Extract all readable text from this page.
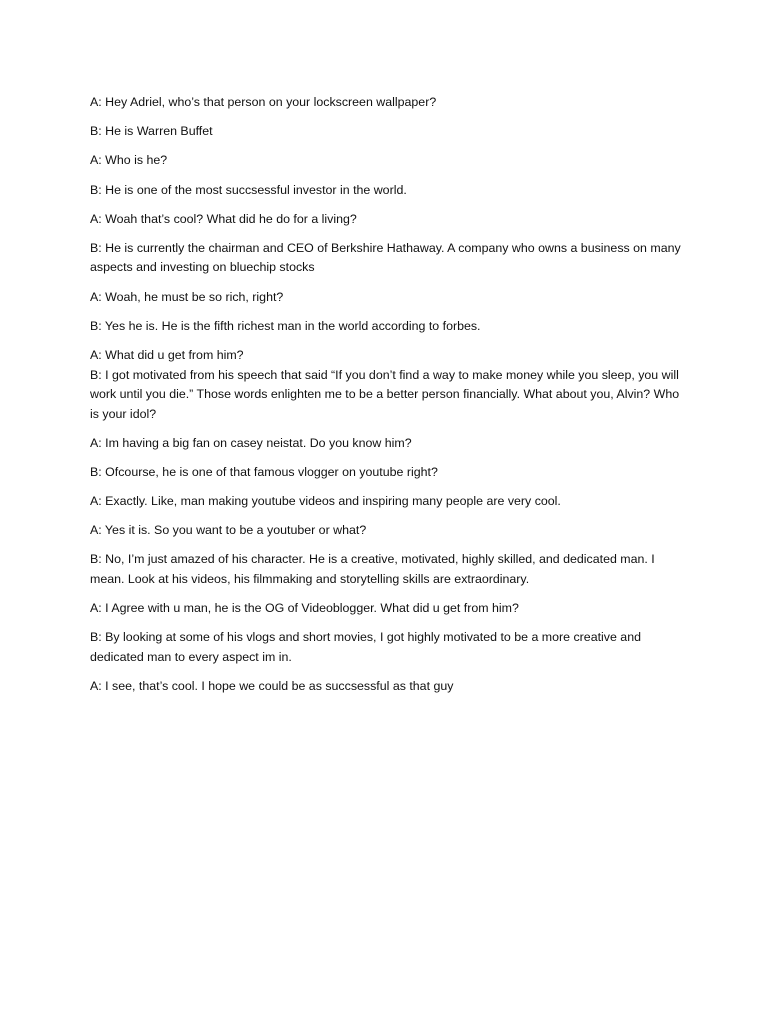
A: Hey Adriel, who’s that person on your lockscreen wallpaper?

B: He is Warren Buffet

A: Who is he?

B: He is one of the most succsessful investor in the world.

A: Woah that’s cool? What did he do for a living?

B: He is currently the chairman and CEO of Berkshire Hathaway. A company who owns a business on many aspects and investing on bluechip stocks

A: Woah, he must be so rich, right?

B: Yes he is. He is the fifth richest man in the world according to forbes.

A: What did u get from him?

B: I got motivated from his speech that said “If you don’t find a way to make money while you sleep, you will work until you die.” Those words enlighten me to be a better person financially. What about you, Alvin? Who is your idol?

A: Im having a big fan on casey neistat. Do you know him?

B: Ofcourse, he is one of that famous vlogger on youtube right?

A: Exactly. Like, man making youtube videos and inspiring many people are very cool.

A: Yes it is. So you want to be a youtuber or what?

B: No, I’m just amazed of his character. He is a creative, motivated, highly skilled, and dedicated man. I mean. Look at his videos, his filmmaking and storytelling skills are extraordinary.

A: I Agree with u man, he is the OG of Videoblogger. What did u get from him?

B: By looking at some of his vlogs and short movies, I got highly motivated to be a more creative and dedicated man to every aspect im in.

A: I see, that’s cool. I hope we could be as succsessful as that guy
